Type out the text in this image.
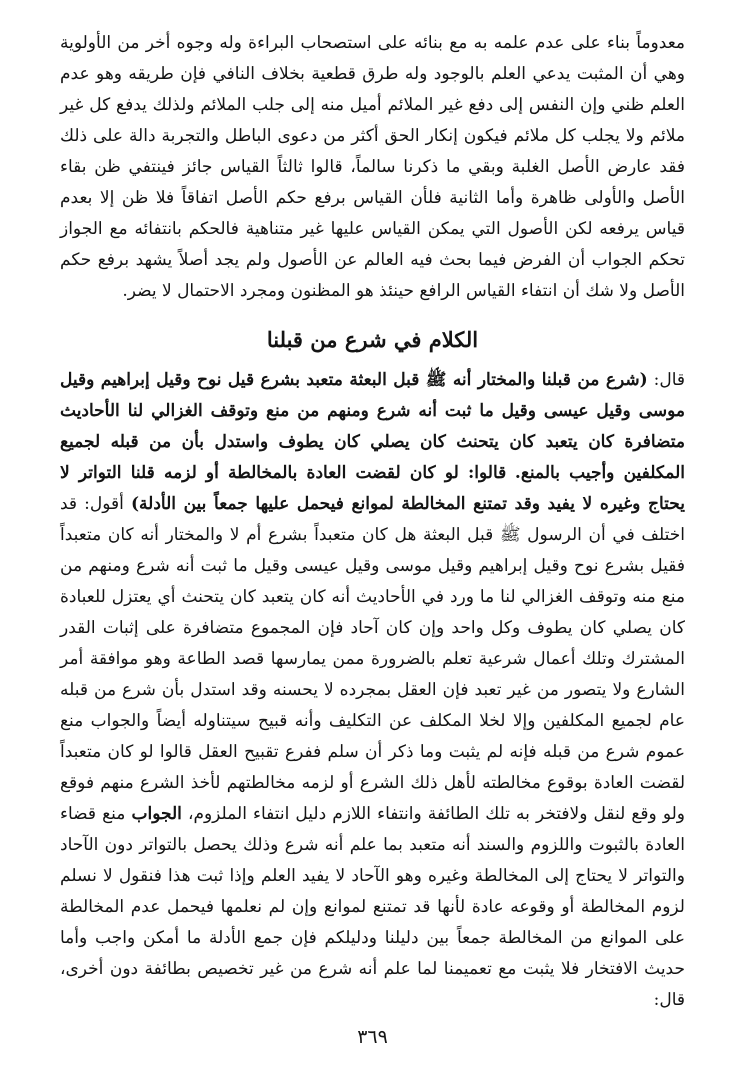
معدوماً بناء على عدم علمه به مع بنائه على استصحاب البراءة وله وجوه أخر من الأولوية وهي أن المثبت يدعي العلم بالوجود وله طرق قطعية بخلاف النافي فإن طريقه وهو عدم العلم ظني وإن النفس إلى دفع غير الملائم أميل منه إلى جلب الملائم ولذلك يدفع كل غير ملائم ولا يجلب كل ملائم فيكون إنكار الحق أكثر من دعوى الباطل والتجربة دالة على ذلك فقد عارض الأصل الغلبة وبقي ما ذكرنا سالماً، قالوا ثالثاً القياس جائز فينتفي ظن بقاء الأصل والأولى ظاهرة وأما الثانية فلأن القياس برفع حكم الأصل اتفاقاً فلا ظن إلا بعدم قياس يرفعه لكن الأصول التي يمكن القياس عليها غير متناهية فالحكم بانتفائه مع الجواز تحكم الجواب أن الفرض فيما بحث فيه العالم عن الأصول ولم يجد أصلاً يشهد برفع حكم الأصل ولا شك أن انتفاء القياس الرافع حينئذ هو المظنون ومجرد الاحتمال لا يضر.

الكلام في شرع من قبلنا

قال: (شرع من قبلنا والمختار أنه ﷺ قبل البعثة متعبد بشرع قيل نوح وقيل إبراهيم وقيل موسى وقيل عيسى وقيل ما ثبت أنه شرع ومنهم من منع وتوقف الغزالي لنا الأحاديث متضافرة كان يتعبد كان يتحنث كان يصلي كان يطوف واستدل بأن من قبله لجميع المكلفين وأجيب بالمنع. قالوا: لو كان لقضت العادة بالمخالطة أو لزمه قلنا التواتر لا يحتاج وغيره لا يفيد وقد تمتنع المخالطة لموانع فيحمل عليها جمعاً بين الأدلة) أقول: قد اختلف في أن الرسول ﷺ قبل البعثة هل كان متعبداً بشرع أم لا والمختار أنه كان متعبداً فقيل بشرع نوح وقيل إبراهيم وقيل موسى وقيل عيسى وقيل ما ثبت أنه شرع ومنهم من منع منه وتوقف الغزالي لنا ما ورد في الأحاديث أنه كان يتعبد كان يتحنث أي يعتزل للعبادة كان يصلي كان يطوف وكل واحد وإن كان آحاد فإن المجموع متضافرة على إثبات القدر المشترك وتلك أعمال شرعية تعلم بالضرورة ممن يمارسها قصد الطاعة وهو موافقة أمر الشارع ولا يتصور من غير تعبد فإن العقل بمجرده لا يحسنه وقد استدل بأن شرع من قبله عام لجميع المكلفين وإلا لخلا المكلف عن التكليف وأنه قبيح سيتناوله أيضاً والجواب منع عموم شرع من قبله فإنه لم يثبت وما ذكر أن سلم ففرع تقبيح العقل قالوا لو كان متعبداً لقضت العادة بوقوع مخالطته لأهل ذلك الشرع أو لزمه مخالطتهم لأخذ الشرع منهم فوقع ولو وقع لنقل ولافتخر به تلك الطائفة وانتفاء اللازم دليل انتفاء الملزوم، الجواب منع قضاء العادة بالثبوت واللزوم والسند أنه متعبد بما علم أنه شرع وذلك يحصل بالتواتر دون الآحاد والتواتر لا يحتاج إلى المخالطة وغيره وهو الآحاد لا يفيد العلم وإذا ثبت هذا فنقول لا نسلم لزوم المخالطة أو وقوعه عادة لأنها قد تمتنع لموانع وإن لم نعلمها فيحمل عدم المخالطة على الموانع من المخالطة جمعاً بين دليلنا ودليلكم فإن جمع الأدلة ما أمكن واجب وأما حديث الافتخار فلا يثبت مع تعميمنا لما علم أنه شرع من غير تخصيص بطائفة دون أخرى، قال:

٣٦٩
